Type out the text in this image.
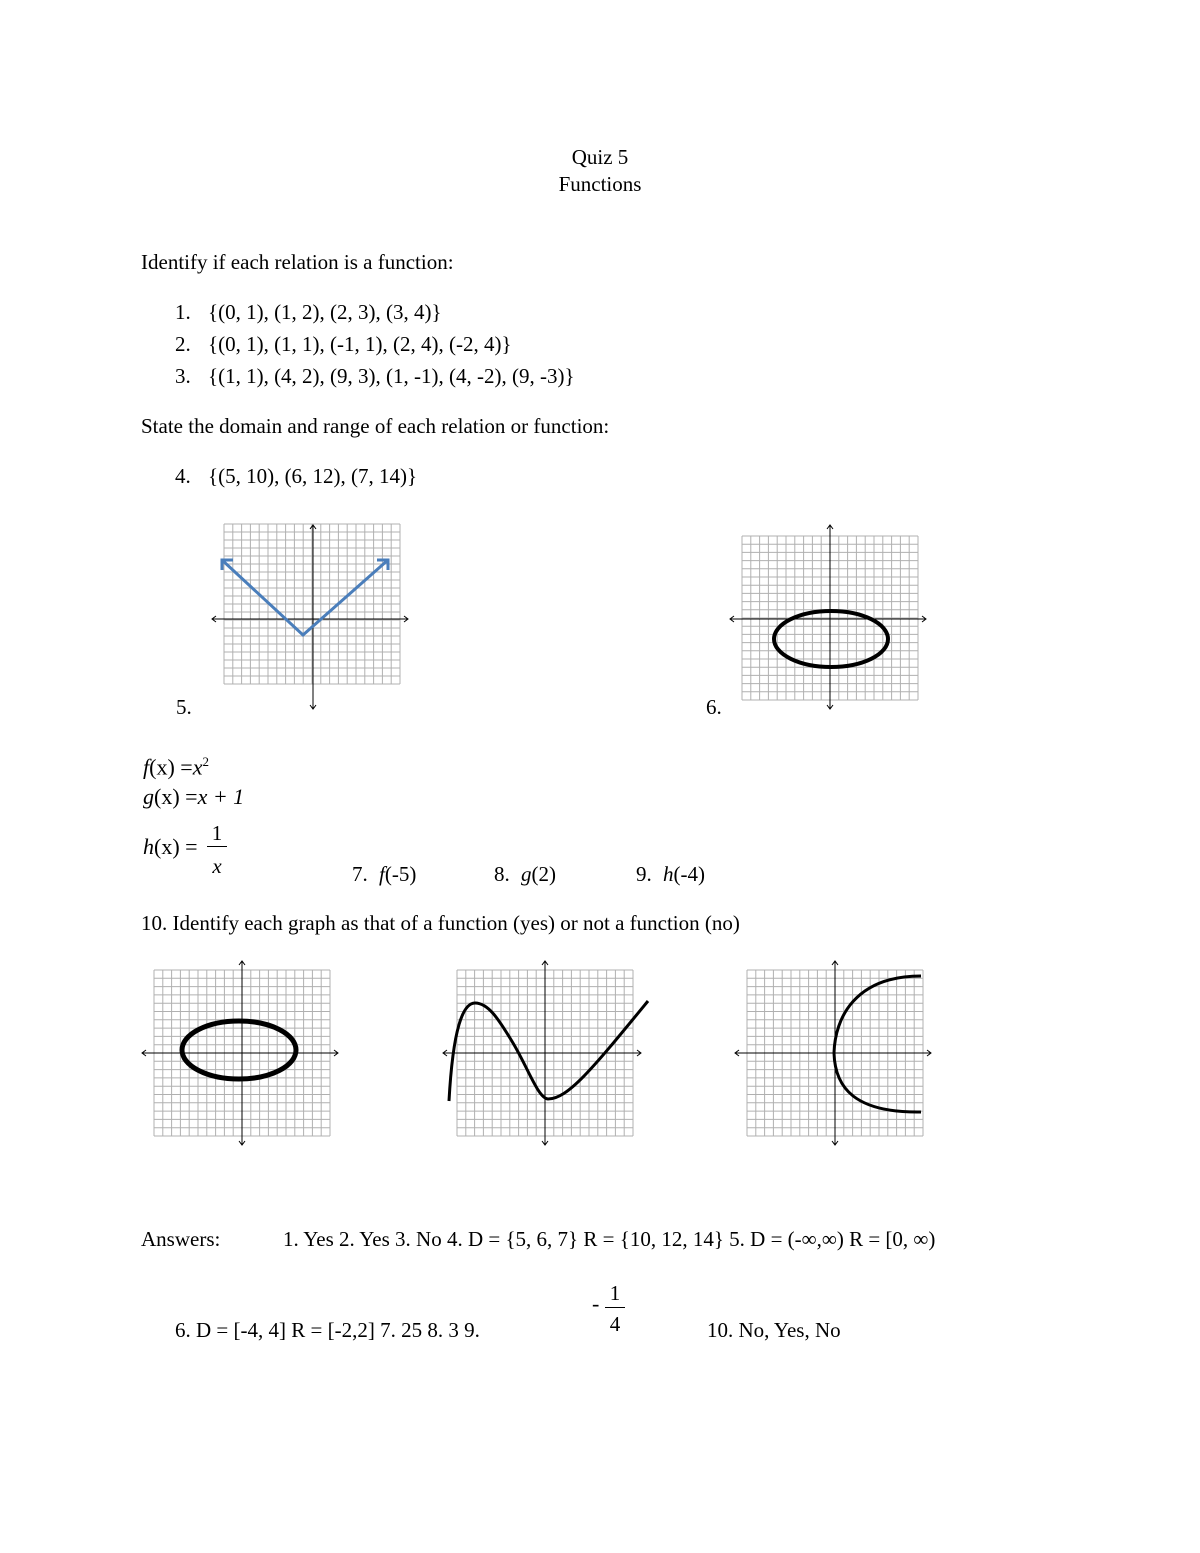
Quiz 5
Functions
Identify if each relation is a function:
1. {(0, 1), (1, 2), (2, 3), (3, 4)}
2. {(0, 1), (1, 1), (-1, 1), (2, 4), (-2, 4)}
3. {(1, 1), (4, 2), (9, 3), (1, -1), (4, -2), (9, -3)}
State the domain and range of each relation or function:
4. {(5, 10), (6, 12), (7, 14)}
5.	6.
$f(x) =x^2$
g(x) =x + 1
h(x) =
1
x	7. f(-5)	8. g(2)	9. h(-4)
10. Identify each graph as that of a function (yes) or not a function (no)
Answers:	1. Yes 2. Yes 3. No 4. D = {5, 6, 7} R = {10, 12, 14} 5. D = (-∞,∞) R = [0, ∞)
6. D = [-4, 4] R = [-2,2] 7. 25 8. 3 9.
- 1
4	10. No, Yes, No
